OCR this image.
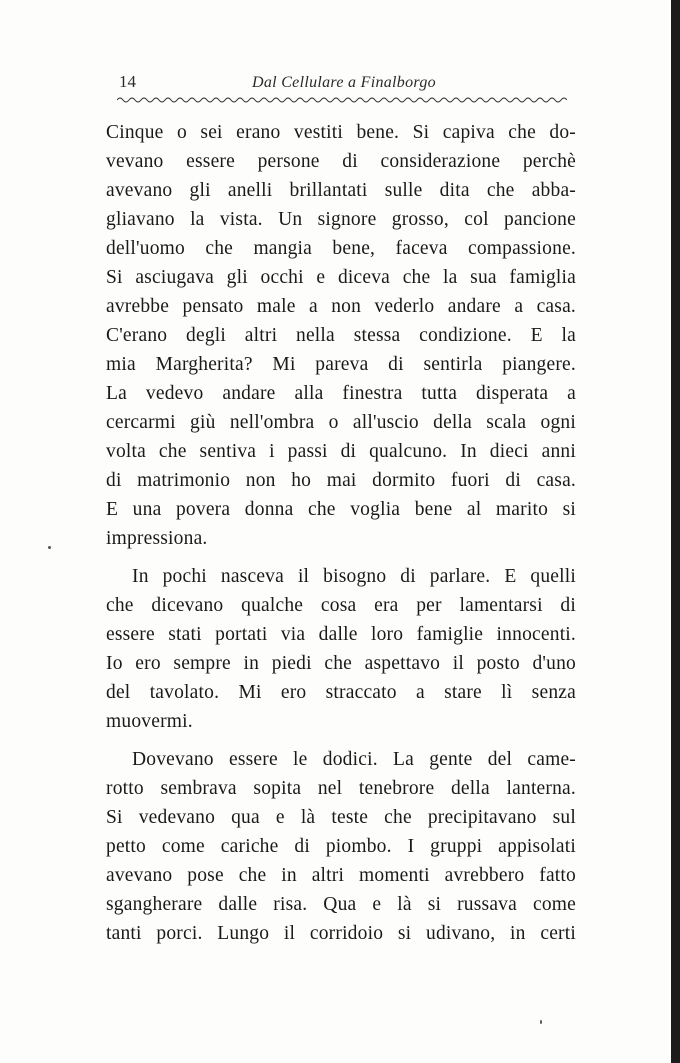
14	Dal Cellulare a Finalborgo
Cinque o sei erano vestiti bene. Si capiva che do-
vevano essere persone di considerazione perchè
avevano gli anelli brillantati sulle dita che abba-
gliavano la vista. Un signore grosso, col pancione
dell'uomo che mangia bene, faceva compassione.
Si asciugava gli occhi e diceva che la sua famiglia
avrebbe pensato male a non vederlo andare a casa.
C'erano degli altri nella stessa condizione. E la
mia Margherita? Mi pareva di sentirla piangere.
La vedevo andare alla finestra tutta disperata a
cercarmi giù nell'ombra o all'uscio della scala ogni
volta che sentiva i passi di qualcuno. In dieci anni
di matrimonio non ho mai dormito fuori di casa.
E una povera donna che voglia bene al marito si
impressiona.
In pochi nasceva il bisogno di parlare. E quelli
che dicevano qualche cosa era per lamentarsi di
essere stati portati via dalle loro famiglie innocenti.
Io ero sempre in piedi che aspettavo il posto d'uno
del tavolato. Mi ero straccato a stare lì senza
muovermi.
Dovevano essere le dodici. La gente del came-
rotto sembrava sopita nel tenebrore della lanterna.
Si vedevano qua e là teste che precipitavano sul
petto come cariche di piombo. I gruppi appisolati
avevano pose che in altri momenti avrebbero fatto
sgangherare dalle risa. Qua e là si russava come
tanti porci. Lungo il corridoio si udivano, in certi
